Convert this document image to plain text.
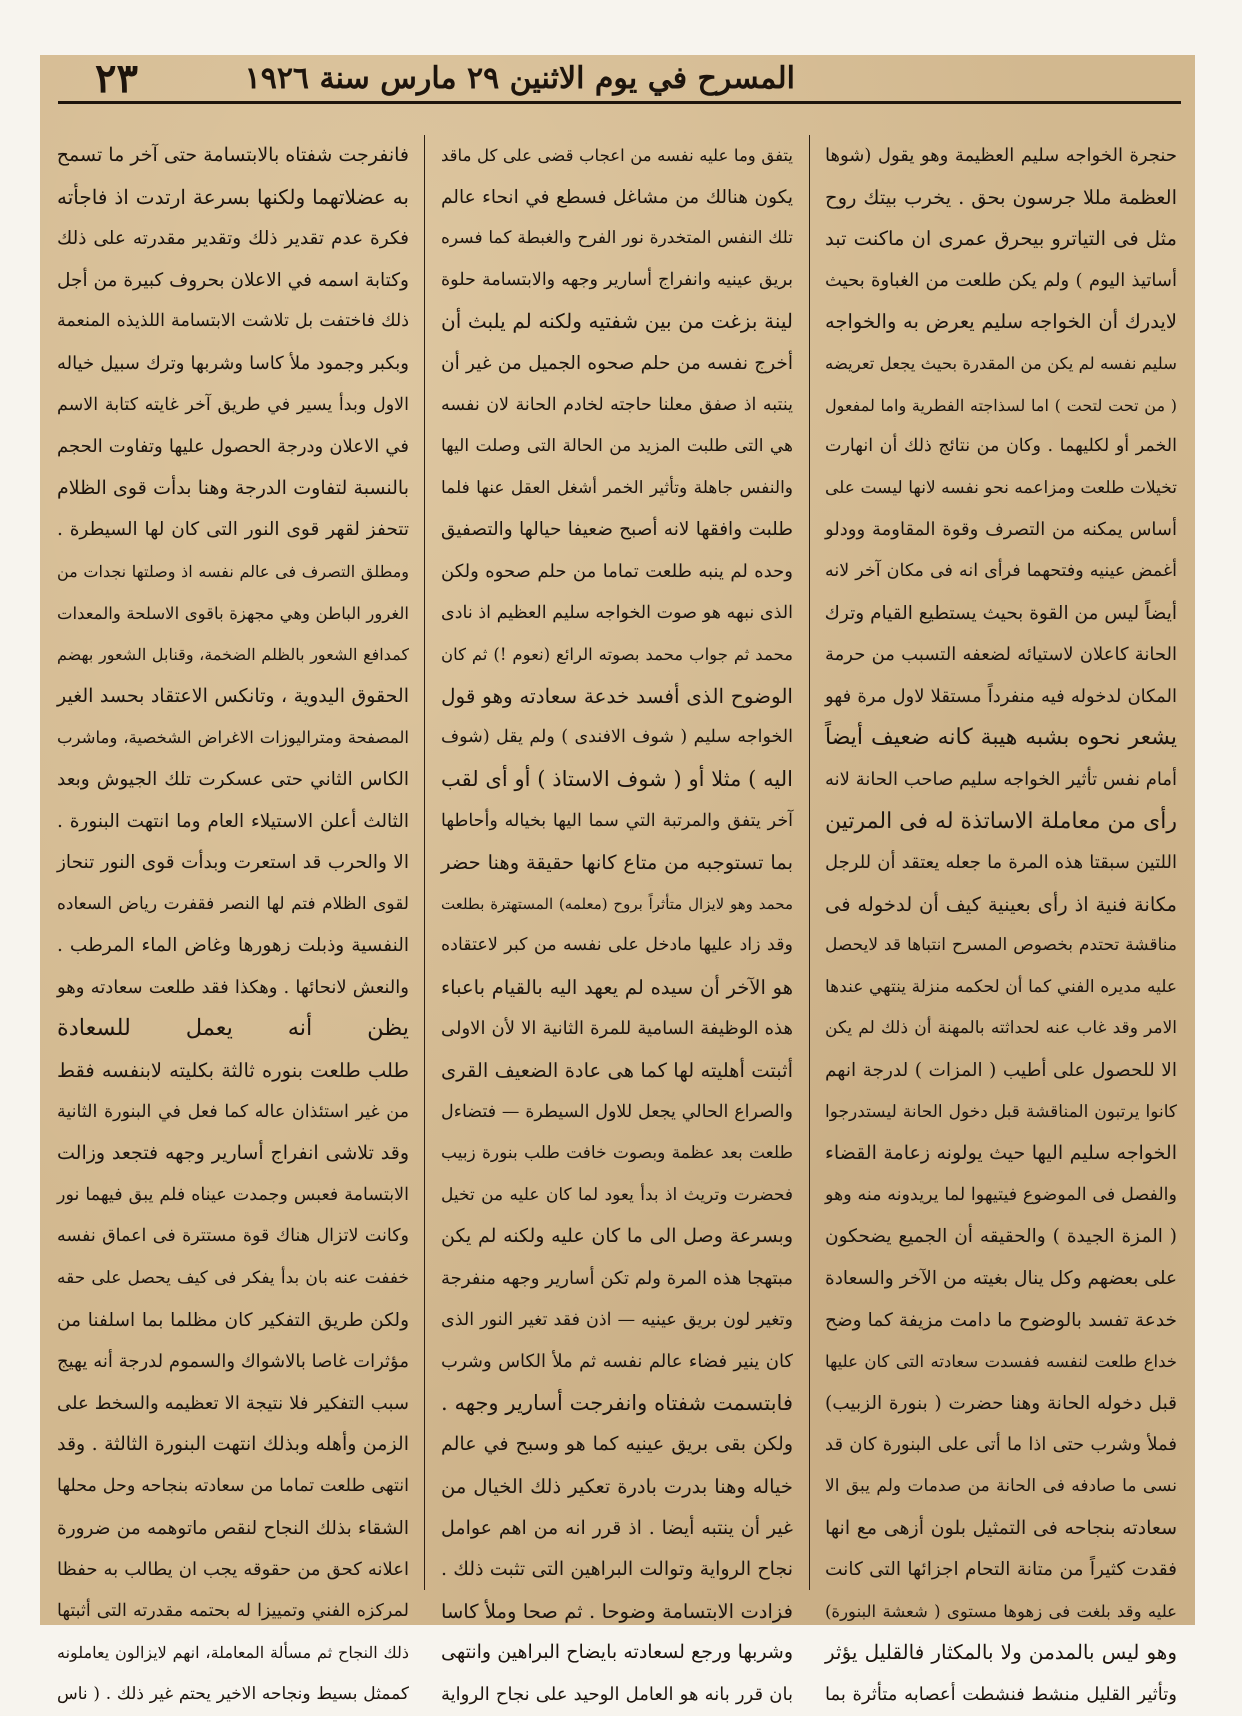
المسرح في يوم الاثنين ٢٩ مارس سنة ١٩٢٦
٢٣
حنجرة الخواجه سليم العظيمة وهو يقول (شوها
العظمة مللا جرسون بحق . يخرب بيتك روح
مثل فى التياترو بيحرق عمرى ان ماكنت تبد
أساتيذ اليوم ) ولم يكن طلعت من الغباوة بحيث
لايدرك أن الخواجه سليم يعرض به والخواجه
سليم نفسه لم يكن من المقدرة بحيث يجعل تعريضه
( من تحت لتحت ) اما لسذاجته الفطرية واما لمفعول
الخمر أو لكليهما . وكان من نتائج ذلك أن انهارت
تخيلات طلعت ومزاعمه نحو نفسه لانها ليست على
أساس يمكنه من التصرف وقوة المقاومة وودلو
أغمض عينيه وفتحهما فرأى انه فى مكان آخر لانه
أيضاً ليس من القوة بحيث يستطيع القيام وترك
الحانة كاعلان لاستيائه لضعفه التسبب من حرمة
المكان لدخوله فيه منفرداً مستقلا لاول مرة فهو
يشعر نحوه بشبه هيبة كانه ضعيف أيضاً
أمام نفس تأثير الخواجه سليم صاحب الحانة لانه
رأى من معاملة الاساتذة له فى المرتين
اللتين سبقتا هذه المرة ما جعله يعتقد أن للرجل
مكانة فنية اذ رأى بعينية كيف أن لدخوله فى
مناقشة تحتدم بخصوص المسرح انتباها قد لايحصل
عليه مديره الفني كما أن لحكمه منزلة ينتهي عندها
الامر وقد غاب عنه لحداثته بالمهنة أن ذلك لم يكن
الا للحصول على أطيب ( المزات ) لدرجة انهم
كانوا يرتبون المناقشة قبل دخول الحانة ليستدرجوا
الخواجه سليم اليها حيث يولونه زعامة القضاء
والفصل فى الموضوع فيتيهوا لما يريدونه منه وهو
( المزة الجيدة ) والحقيقه أن الجميع يضحكون
على بعضهم وكل ينال بغيته من الآخر والسعادة
خدعة تفسد بالوضوح ما دامت مزيفة كما وضح
خداع طلعت لنفسه ففسدت سعادته التى كان عليها
قبل دخوله الحانة وهنا حضرت ( بنورة الزبيب)
فملأ وشرب حتى اذا ما أتى على البنورة كان قد
نسى ما صادفه فى الحانة من صدمات ولم يبق الا
سعادته بنجاحه فى التمثيل بلون أزهى مع انها
فقدت كثيراً من متانة التحام اجزائها التى كانت
عليه وقد بلغت فى زهوها مستوى ( شعشة البنورة)
وهو ليس بالمدمن ولا بالمكثار فالقليل يؤثر
وتأثير القليل منشط فنشطت أعصابه متأثرة بما
يتفق وما عليه نفسه من اعجاب قضى على كل ماقد
يكون هنالك من مشاغل فسطع في انحاء عالم
تلك النفس المتخدرة نور الفرح والغبطة كما فسره
بريق عينيه وانفراج أسارير وجهه والابتسامة حلوة
لينة بزغت من بين شفتيه ولكنه لم يلبث أن
أخرج نفسه من حلم صحوه الجميل من غير أن
ينتبه اذ صفق معلنا حاجته لخادم الحانة لان نفسه
هي التى طلبت المزيد من الحالة التى وصلت اليها
والنفس جاهلة وتأثير الخمر أشغل العقل عنها فلما
طلبت وافقها لانه أصبح ضعيفا حيالها والتصفيق
وحده لم ينبه طلعت تماما من حلم صحوه ولكن
الذى نبهه هو صوت الخواجه سليم العظيم اذ نادى
محمد ثم جواب محمد بصوته الرائع (نعوم !) ثم كان
الوضوح الذى أفسد خدعة سعادته وهو قول
الخواجه سليم ( شوف الافندى ) ولم يقل (شوف
اليه ) مثلا أو ( شوف الاستاذ ) أو أى لقب
آخر يتفق والمرتبة التي سما اليها بخياله وأحاطها
بما تستوجبه من متاع كانها حقيقة وهنا حضر
محمد وهو لايزال متأثراً بروح (معلمه) المستهترة بطلعت
وقد زاد عليها مادخل على نفسه من كبر لاعتقاده
هو الآخر أن سيده لم يعهد اليه بالقيام باعباء
هذه الوظيفة السامية للمرة الثانية الا لأن الاولى
أثبتت أهليته لها كما هى عادة الضعيف القرى
والصراع الحالي يجعل للاول السيطرة — فتضاءل
طلعت بعد عظمة وبصوت خافت طلب بنورة زبيب
فحضرت وتريث اذ بدأ يعود لما كان عليه من تخيل
وبسرعة وصل الى ما كان عليه ولكنه لم يكن
مبتهجا هذه المرة ولم تكن أسارير وجهه منفرجة
وتغير لون بريق عينيه — اذن فقد تغير النور الذى
كان ينير فضاء عالم نفسه ثم ملأ الكاس وشرب
فابتسمت شفتاه وانفرجت أسارير وجهه .
ولكن بقى بريق عينيه كما هو وسبح في عالم
خياله وهنا بدرت بادرة تعكير ذلك الخيال من
غير أن ينتبه أيضا . اذ قرر انه من اهم عوامل
نجاح الرواية وتوالت البراهين التى تثبت ذلك .
فزادت الابتسامة وضوحا . ثم صحا وملأ كاسا
وشربها ورجع لسعادته بايضاح البراهين وانتهى
بان قرر بانه هو العامل الوحيد على نجاح الرواية
فانفرجت شفتاه بالابتسامة حتى آخر ما تسمح
به عضلاتهما ولكنها بسرعة ارتدت اذ فاجأته
فكرة عدم تقدير ذلك وتقدير مقدرته على ذلك
وكتابة اسمه في الاعلان بحروف كبيرة من أجل
ذلك فاختفت بل تلاشت الابتسامة اللذيذه المنعمة
وبكبر وجمود ملأ كاسا وشربها وترك سبيل خياله
الاول وبدأ يسير في طريق آخر غايته كتابة الاسم
في الاعلان ودرجة الحصول عليها وتفاوت الحجم
بالنسبة لتفاوت الدرجة وهنا بدأت قوى الظلام
تتحفز لقهر قوى النور التى كان لها السيطرة .
ومطلق التصرف فى عالم نفسه اذ وصلتها نجدات من
الغرور الباطن وهي مجهزة باقوى الاسلحة والمعدات
كمدافع الشعور بالظلم الضخمة، وقنابل الشعور بهضم
الحقوق اليدوية ، وتانكس الاعتقاد بحسد الغير
المصفحة ومتراليوزات الاغراض الشخصية، وماشرب
الكاس الثاني حتى عسكرت تلك الجيوش وبعد
الثالث أعلن الاستيلاء العام وما انتهت البنورة .
الا والحرب قد استعرت وبدأت قوى النور تنحاز
لقوى الظلام فتم لها النصر فقفرت رياض السعاده
النفسية وذبلت زهورها وغاض الماء المرطب .
والنعش لانحائها . وهكذا فقد طلعت سعادته وهو
يظن أنه يعمل للسعادة
طلب طلعت بنوره ثالثة بكليته لابنفسه فقط
من غير استئذان عاله كما فعل في البنورة الثانية
وقد تلاشى انفراج أسارير وجهه فتجعد وزالت
الابتسامة فعبس وجمدت عيناه فلم يبق فيهما نور
وكانت لاتزال هناك قوة مستترة فى اعماق نفسه
خففت عنه بان بدأ يفكر فى كيف يحصل على حقه
ولكن طريق التفكير كان مظلما بما اسلفنا من
مؤثرات غاصا بالاشواك والسموم لدرجة أنه يهيج
سبب التفكير فلا نتيجة الا تعظيمه والسخط على
الزمن وأهله وبذلك انتهت البنورة الثالثة . وقد
انتهى طلعت تماما من سعادته بنجاحه وحل محلها
الشقاء بذلك النجاح لنقص ماتوهمه من ضرورة
اعلانه كحق من حقوقه يجب ان يطالب به حفظا
لمركزه الفني وتمييزا له بحتمه مقدرته التى أثبتها
ذلك النجاح ثم مسألة المعاملة، انهم لايزالون يعاملونه
كممثل بسيط ونجاحه الاخير يحتم غير ذلك . ( ناس
